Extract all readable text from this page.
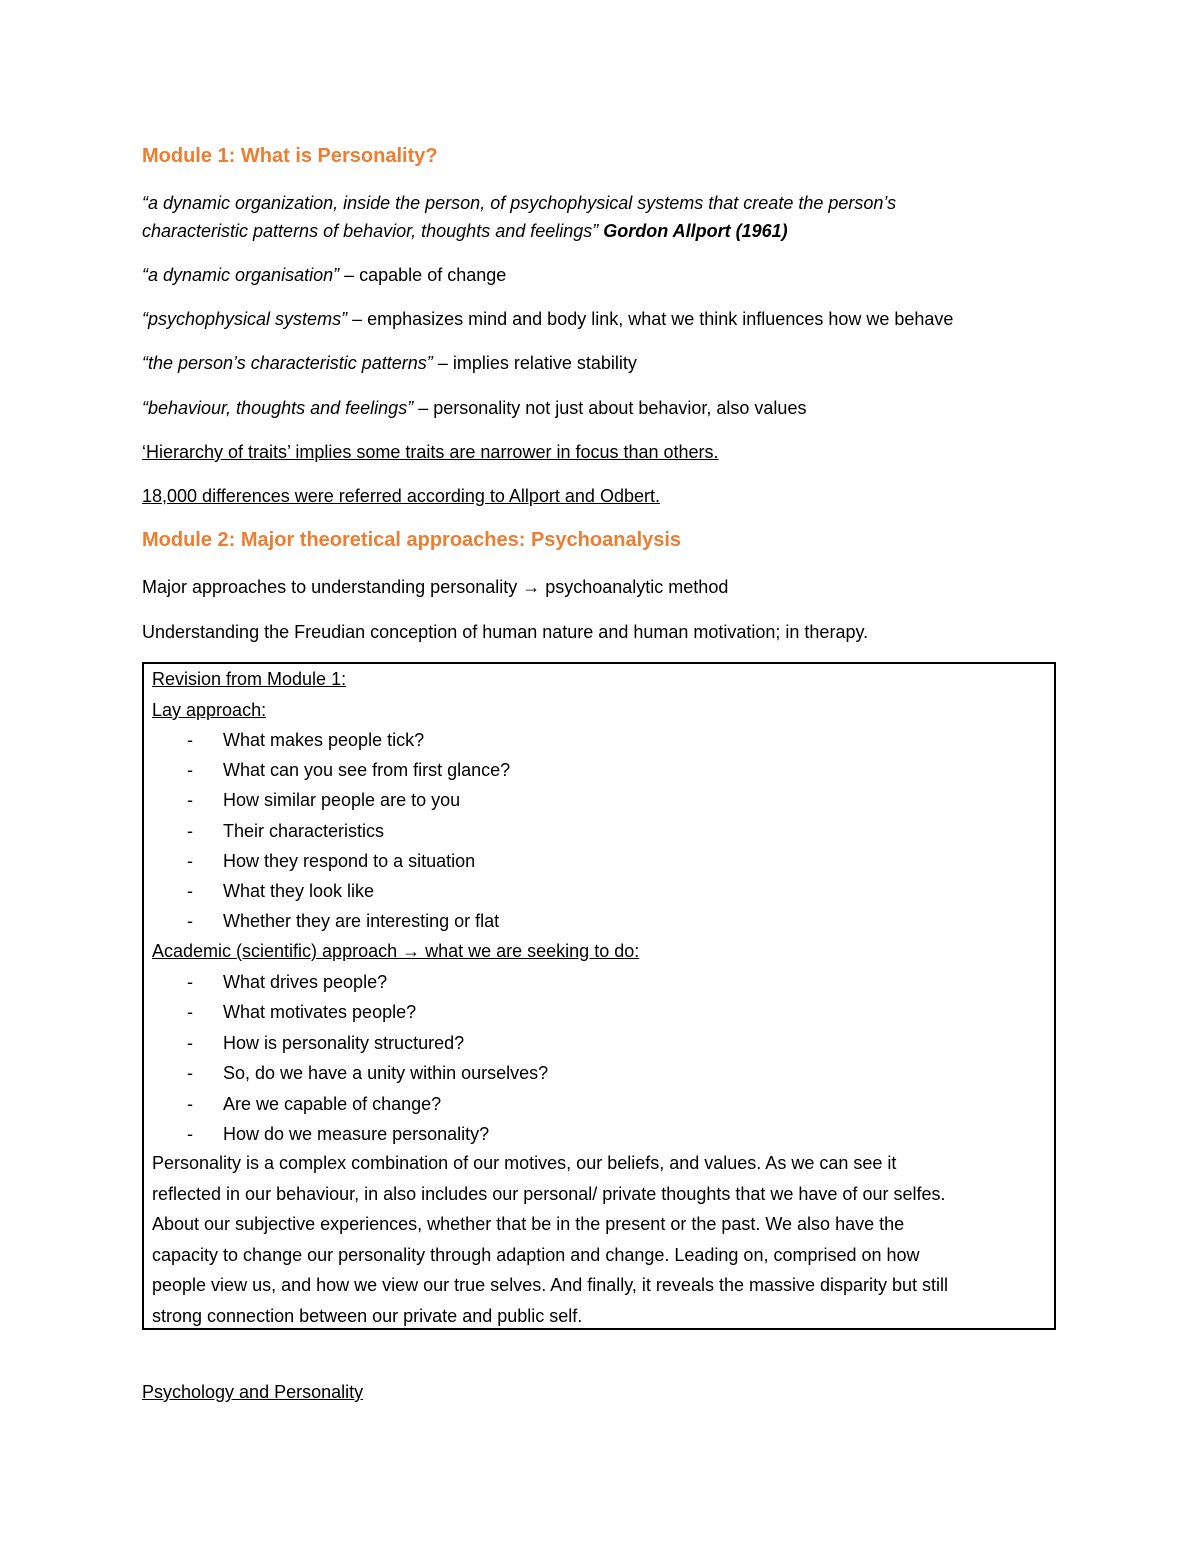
Module 1: What is Personality?
“a dynamic organization, inside the person, of psychophysical systems that create the person’s
characteristic patterns of behavior, thoughts and feelings” Gordon Allport (1961)
“a dynamic organisation” – capable of change
“psychophysical systems” – emphasizes mind and body link, what we think influences how we behave
“the person’s characteristic patterns” – implies relative stability
“behaviour, thoughts and feelings” – personality not just about behavior, also values
‘Hierarchy of traits’ implies some traits are narrower in focus than others.
18,000 differences were referred according to Allport and Odbert.
Module 2: Major theoretical approaches: Psychoanalysis
Major approaches to understanding personality → psychoanalytic method
Understanding the Freudian conception of human nature and human motivation; in therapy.
Revision from Module 1:
Lay approach:
- What makes people tick?
- What can you see from first glance?
- How similar people are to you
- Their characteristics
- How they respond to a situation
- What they look like
- Whether they are interesting or flat
Academic (scientific) approach → what we are seeking to do:
- What drives people?
- What motivates people?
- How is personality structured?
- So, do we have a unity within ourselves?
- Are we capable of change?
- How do we measure personality?
Personality is a complex combination of our motives, our beliefs, and values. As we can see it
reflected in our behaviour, in also includes our personal/ private thoughts that we have of our selfes.
About our subjective experiences, whether that be in the present or the past. We also have the
capacity to change our personality through adaption and change. Leading on, comprised on how
people view us, and how we view our true selves. And finally, it reveals the massive disparity but still
strong connection between our private and public self.
Psychology and Personality
